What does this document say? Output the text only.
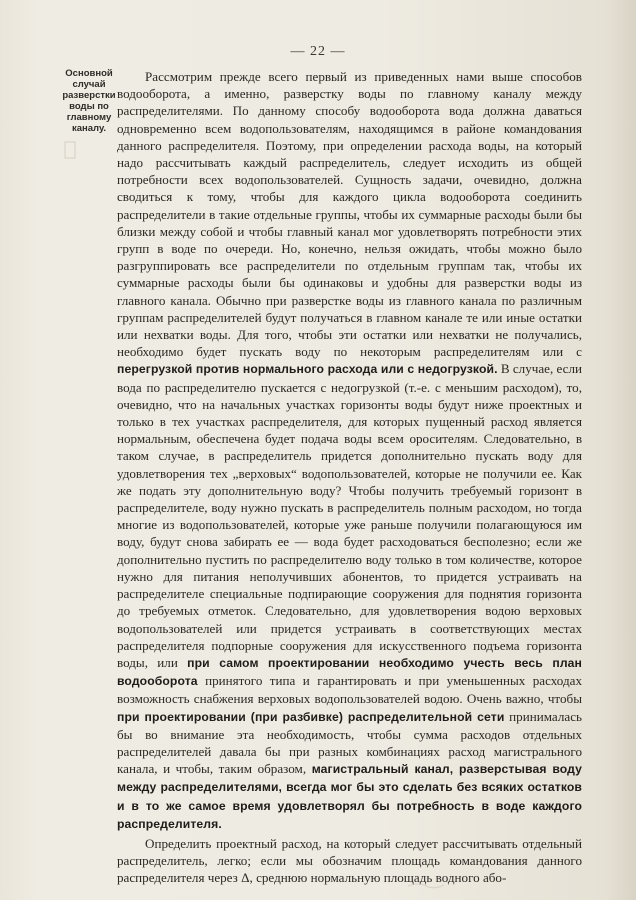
— 22 —
Основной случай разверстки воды по главному каналу.

Рассмотрим прежде всего первый из приведенных нами выше способов водооборота, а именно, разверстку воды по главному каналу между распределителями. По данному способу водооборота вода должна даваться одновременно всем водопользователям, находящимся в районе командования данного распределителя. Поэтому, при определении расхода воды, на который надо рассчитывать каждый распределитель, следует исходить из общей потребности всех водопользователей. Сущность задачи, очевидно, должна сводиться к тому, чтобы для каждого цикла водооборота соединить распределители в такие отдельные группы, чтобы их суммарные расходы были бы близки между собой и чтобы главный канал мог удовлетворять потребности этих групп в воде по очереди. Но, конечно, нельзя ожидать, чтобы можно было разгруппировать все распределители по отдельным группам так, чтобы их суммарные расходы были бы одинаковы и удобны для разверстки воды из главного канала. Обычно при разверстке воды из главного канала по различным группам распределителей будут получаться в главном канале те или иные остатки или нехватки воды. Для того, чтобы эти остатки или нехватки не получались, необходимо будет пускать воду по некоторым распределителям или с перегрузкой против нормального расхода или с недогрузкой. В случае, если вода по распределителю пускается с недогрузкой (т.-е. с меньшим расходом), то, очевидно, что на начальных участках горизонты воды будут ниже проектных и только в тех участках распределителя, для которых пущенный расход является нормальным, обеспечена будет подача воды всем оросителям. Следовательно, в таком случае, в распределитель придется дополнительно пускать воду для удовлетворения тех „верховых“ водопользователей, которые не получили ее. Как же подать эту дополнительную воду? Чтобы получить требуемый горизонт в распределителе, воду нужно пускать в распределитель полным расходом, но тогда многие из водопользователей, которые уже раньше получили полагающуюся им воду, будут снова забирать ее — вода будет расходоваться бесполезно; если же дополнительно пустить по распределителю воду только в том количестве, которое нужно для питания неполучивших абонентов, то придется устраивать на распределителе специальные подпирающие сооружения для поднятия горизонта до требуемых отметок. Следовательно, для удовлетворения водою верховых водопользователей или придется устраивать в соответствующих местах распределителя подпорные сооружения для искусственного подъема горизонта воды, или при самом проектировании необходимо учесть весь план водооборота принятого типа и гарантировать и при уменьшенных расходах возможность снабжения верховых водопользователей водою. Очень важно, чтобы при проектировании (при разбивке) распределительной сети принималась бы во внимание эта необходимость, чтобы сумма расходов отдельных распределителей давала бы при разных комбинациях расход магистрального канала, и чтобы, таким образом, магистральный канал, разверстывая воду между распределителями, всегда мог бы это сделать без всяких остатков и в то же самое время удовлетворял бы потребность в воде каждого распределителя.

Определить проектный расход, на который следует рассчитывать отдельный распределитель, легко; если мы обозначим площадь командования данного распределителя через Δ, среднюю нормальную площадь водного або-
